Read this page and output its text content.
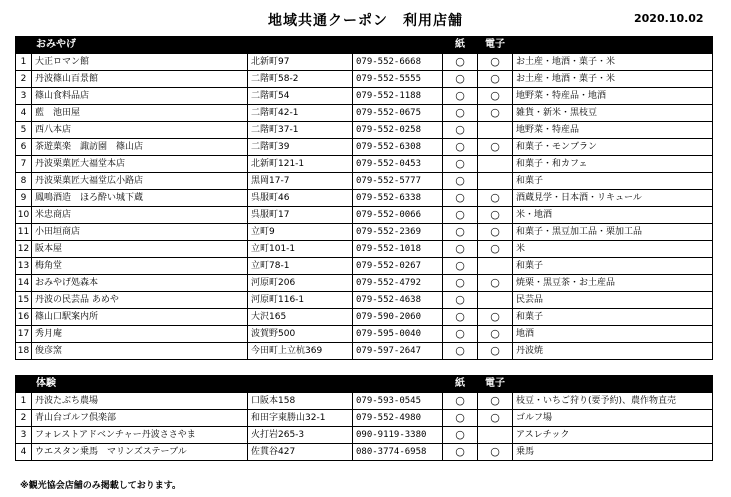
地域共通クーポン　利用店舗	2020.10.02
おみやげ				紙	電子	
1	大正ロマン館	北新町97	079-552-6668	○	○	お土産・地酒・菓子・米
2	丹波篠山百景館	二階町58-2	079-552-5555	○	○	お土産・地酒・菓子・米
3	篠山食料品店	二階町54	079-552-1188	○	○	地野菜・特産品・地酒
4	藍　池田屋	二階町42-1	079-552-0675	○	○	雑貨・新米・黒枝豆
5	西八本店	二階町37-1	079-552-0258	○		地野菜・特産品
6	茶遊菓楽　諏訪園　篠山店	二階町39	079-552-6308	○	○	和菓子・モンブラン
7	丹波栗菓匠大福堂本店	北新町121-1	079-552-0453	○		和菓子・和カフェ
8	丹波栗菓匠大福堂広小路店	黒岡17-7	079-552-5777	○		和菓子
9	鳳鳴酒造　ほろ酔い城下蔵	呉服町46	079-552-6338	○	○	酒蔵見学・日本酒・リキュール
10	米忠商店	呉服町17	079-552-0066	○	○	米・地酒
11	小田垣商店	立町9	079-552-2369	○	○	和菓子・黒豆加工品・栗加工品
12	阪本屋	立町101-1	079-552-1018	○	○	米
13	梅角堂	立町78-1	079-552-0267	○		和菓子
14	おみやげ処森本	河原町206	079-552-4792	○	○	焼栗・黒豆茶・お土産品
15	丹波の民芸品 あめや	河原町116-1	079-552-4638	○		民芸品
16	篠山口駅案内所	大沢165	079-590-2060	○	○	和菓子
17	秀月庵	波賀野500	079-595-0040	○	○	地酒
18	俊彦窯	今田町上立杭369	079-597-2647	○	○	丹波焼
体験				紙	電子	
1	丹波たぶち農場	口阪本158	079-593-0545	○	○	枝豆・いちご狩り(要予約)、農作物直売
2	青山台ゴルフ倶楽部	和田字東勝山32-1	079-552-4980	○	○	ゴルフ場
3	フォレストアドベンチャー丹波ささやま	火打岩265-3	090-9119-3380	○		アスレチック
4	ウエスタン乗馬　マリンズステーブル	佐貫谷427	080-3774-6958	○	○	乗馬
※観光協会店舗のみ掲載しております。
